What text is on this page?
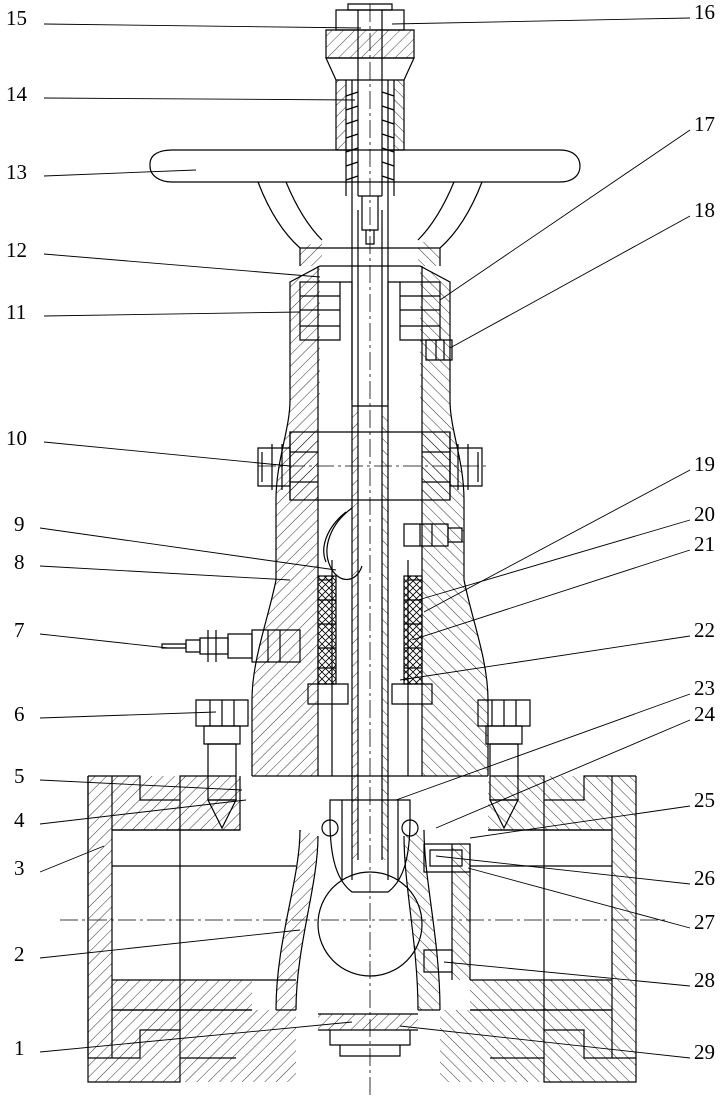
15
14
13
12
11
10
9
8
7
6
5
4
3
2
1
16
17
18
19
20
21
22
23
24
25
26
27
28
29
